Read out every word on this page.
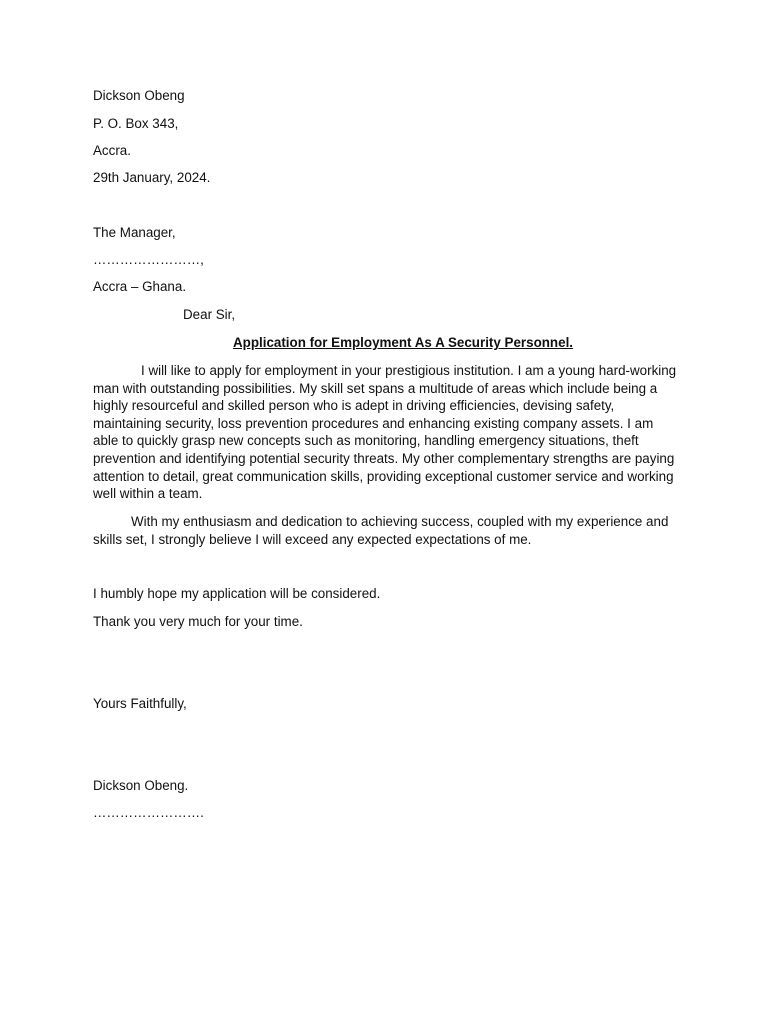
Dickson Obeng
P. O. Box 343,
Accra.
29th January, 2024.
The Manager,
……………………,
Accra – Ghana.
Dear Sir,
Application for Employment As A Security Personnel.
I will like to apply for employment in your prestigious institution. I am a young hard-working man with outstanding possibilities. My skill set spans a multitude of areas which include being a highly resourceful and skilled person who is adept in driving efficiencies, devising safety, maintaining security, loss prevention procedures and enhancing existing company assets. I am able to quickly grasp new concepts such as monitoring, handling emergency situations, theft prevention and identifying potential security threats. My other complementary strengths are paying attention to detail, great communication skills, providing exceptional customer service and working well within a team.
With my enthusiasm and dedication to achieving success, coupled with my experience and skills set, I strongly believe I will exceed any expected expectations of me.
I humbly hope my application will be considered.
Thank you very much for your time.
Yours Faithfully,
Dickson Obeng.
…………………….
